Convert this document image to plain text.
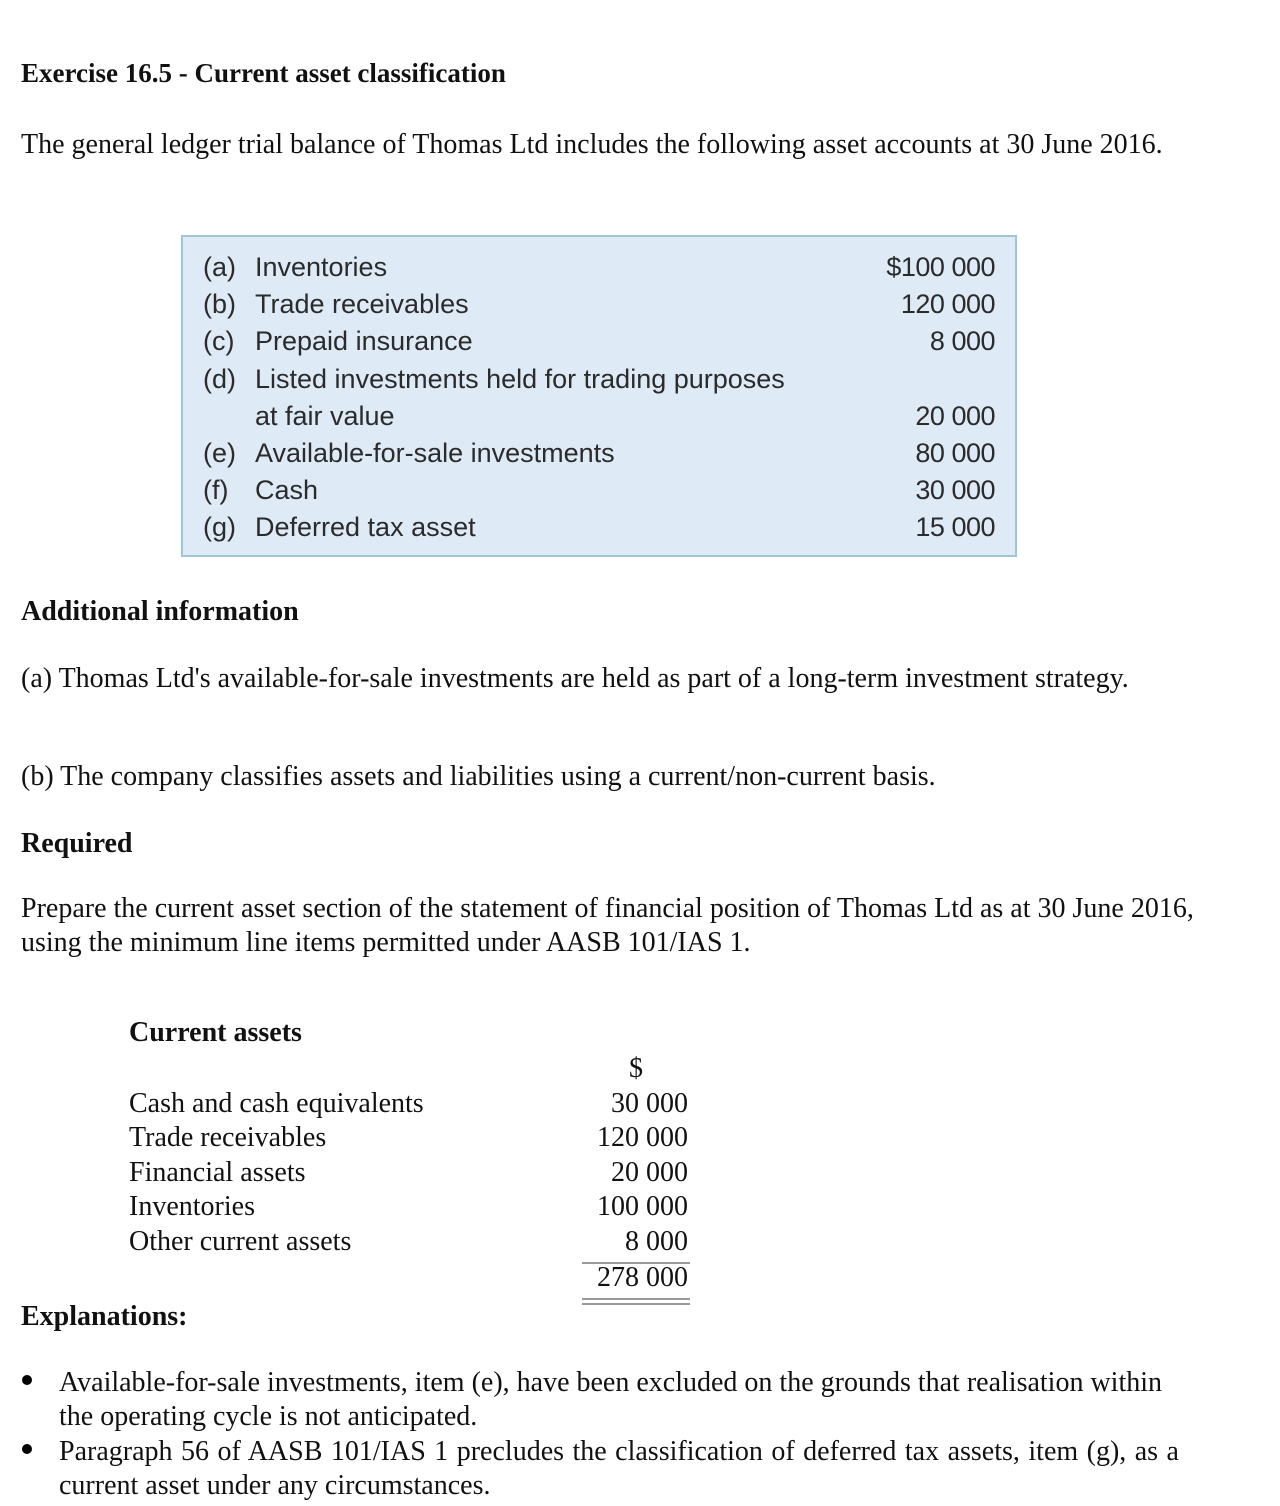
Exercise 16.5 - Current asset classification
The general ledger trial balance of Thomas Ltd includes the following asset accounts at 30 June 2016.
(a) Inventories	$100 000
(b) Trade receivables	120 000
(c) Prepaid insurance	8 000
(d) Listed investments held for trading purposes
at fair value	20 000
(e) Available-for-sale investments	80 000
(f) Cash	30 000
(g) Deferred tax asset	15 000
Additional information
(a) Thomas Ltd's available-for-sale investments are held as part of a long-term investment strategy.
(b) The company classifies assets and liabilities using a current/non-current basis.
Required
Prepare the current asset section of the statement of financial position of Thomas Ltd as at 30 June 2016, using the minimum line items permitted under AASB 101/IAS 1.
Current assets
$
Cash and cash equivalents	30 000
Trade receivables	120 000
Financial assets	20 000
Inventories	100 000
Other current assets	8 000
278 000
Explanations:
Available-for-sale investments, item (e), have been excluded on the grounds that realisation within the operating cycle is not anticipated.
Paragraph 56 of AASB 101/IAS 1 precludes the classification of deferred tax assets, item (g), as a current asset under any circumstances.
